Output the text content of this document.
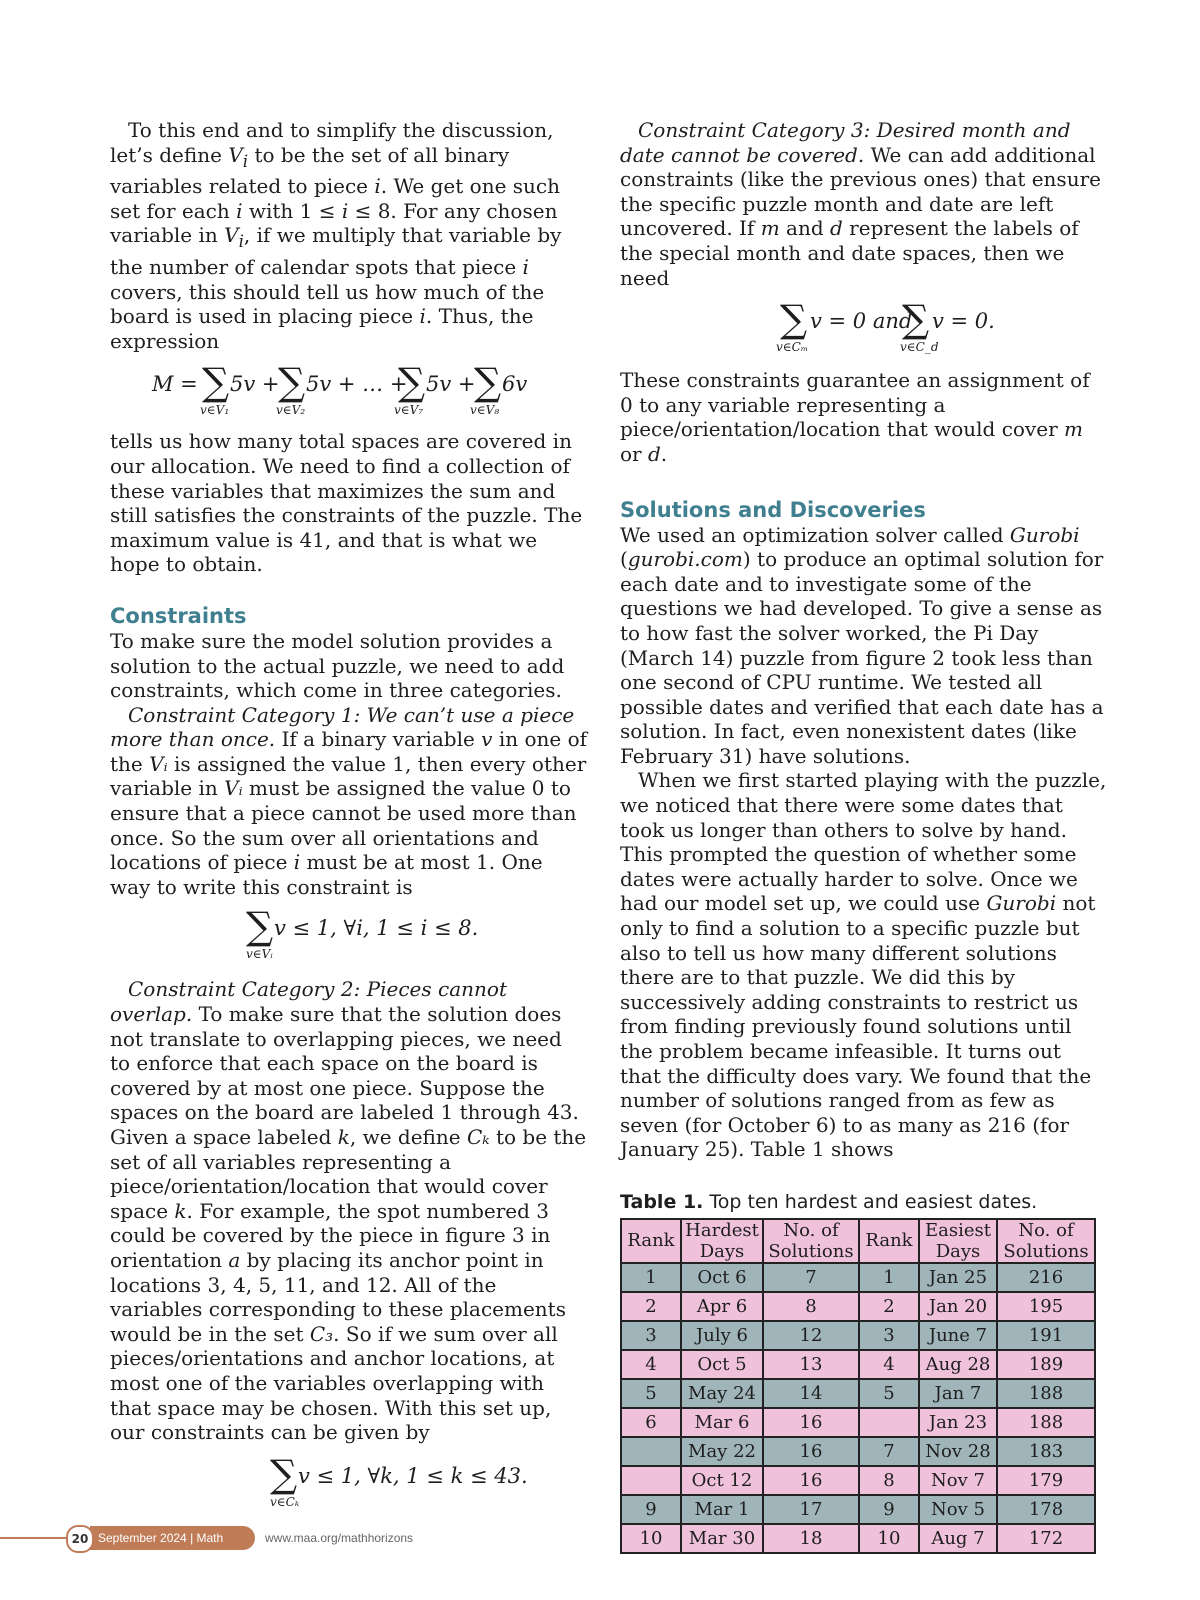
To this end and to simplify the discussion, let’s define $V_i$ to be the set of all binary variables related to piece i. We get one such set for each i with 1 ≤ i ≤ 8. For any chosen variable in $V_i$, if we multiply that variable by the number of calendar spots that piece i covers, this should tell us how much of the board is used in placing piece i. Thus, the expression

M = ∑ 5v +
∑ 5v + … +
∑ 5v +
∑ 6v
v∈V₁	v∈V₂	v∈V₇	v∈V₈

tells us how many total spaces are covered in our allocation. We need to find a collection of these variables that maximizes the sum and still satisfies the constraints of the puzzle. The maximum value is 41, and that is what we hope to obtain.

Constraints

To make sure the model solution provides a solution to the actual puzzle, we need to add constraints, which come in three categories.

Constraint Category 1: We can’t use a piece more than once. If a binary variable v in one of the Vᵢ is assigned the value 1, then every other variable in Vᵢ must be assigned the value 0 to ensure that a piece cannot be used more than once. So the sum over all orientations and locations of piece i must be at most 1. One way to write this constraint is

∑ v ≤ 1, ∀i, 1 ≤ i ≤ 8.
v∈Vᵢ

Constraint Category 2: Pieces cannot overlap. To make sure that the solution does not translate to overlapping pieces, we need to enforce that each space on the board is covered by at most one piece. Suppose the spaces on the board are labeled 1 through 43. Given a space labeled k, we define Cₖ to be the set of all variables representing a piece/orientation/location that would cover space k. For example, the spot numbered 3 could be covered by the piece in figure 3 in orientation a by placing its anchor point in locations 3, 4, 5, 11, and 12. All of the variables corresponding to these placements would be in the set C₃. So if we sum over all pieces/orientations and anchor locations, at most one of the variables overlapping with that space may be chosen. With this set up, our constraints can be given by

∑ v ≤ 1, ∀k, 1 ≤ k ≤ 43.
v∈Cₖ

Constraint Category 3: Desired month and date cannot be covered. We can add additional constraints (like the previous ones) that ensure the specific puzzle month and date are left uncovered. If m and d represent the labels of the special month and date spaces, then we need

∑ v = 0 and
∑ v = 0.
v∈Cₘ	v∈C_d

These constraints guarantee an assignment of 0 to any variable representing a piece/orientation/location that would cover m or d.

Solutions and Discoveries

We used an optimization solver called Gurobi (gurobi.com) to produce an optimal solution for each date and to investigate some of the questions we had developed. To give a sense as to how fast the solver worked, the Pi Day (March 14) puzzle from figure 2 took less than one second of CPU runtime. We tested all possible dates and verified that each date has a solution. In fact, even nonexistent dates (like February 31) have solutions.

When we first started playing with the puzzle, we noticed that there were some dates that took us longer than others to solve by hand. This prompted the question of whether some dates were actually harder to solve. Once we had our model set up, we could use Gurobi not only to find a solution to a specific puzzle but also to tell us how many different solutions there are to that puzzle. We did this by successively adding constraints to restrict us from finding previously found solutions until the problem became infeasible. It turns out that the difficulty does vary. We found that the number of solutions ranged from as few as seven (for October 6) to as many as 216 (for January 25). Table 1 shows

Table 1. Top ten hardest and easiest dates.

Rank	Hardest Days	No. of Solutions	Rank	Easiest Days	No. of Solutions
1	Oct 6	7	1	Jan 25	216
2	Apr 6	8	2	Jan 20	195
3	July 6	12	3	June 7	191
4	Oct 5	13	4	Aug 28	189
5	May 24	14	5	Jan 7	188
6	Mar 6	16		Jan 23	188
	May 22	16	7	Nov 28	183
	Oct 12	16	8	Nov 7	179
9	Mar 1	17	9	Nov 5	178
10	Mar 30	18	10	Aug 7	172
September 2024 | Math Horizons
20	www.maa.org/mathhorizons
